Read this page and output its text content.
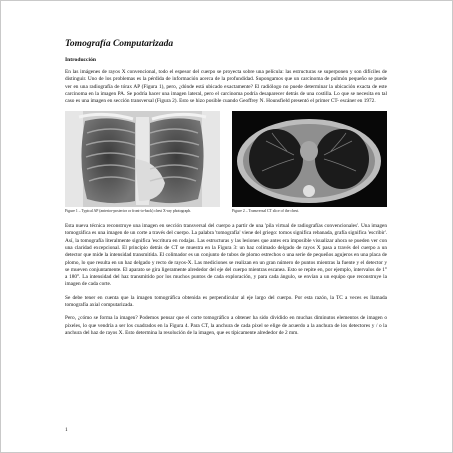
Tomografía Computarizada
Introducción

En las imágenes de rayos X convencional, todo el espesor del cuerpo se proyecta sobre una película: las estructuras se superponen y son difíciles de distinguir. Uno de los problemas es la pérdida de información acerca de la profundidad. Supongamos que un carcinoma de pulmón pequeño se puede ver en una radiografía de tórax AP (Figura 1), pero, ¿dónde está ubicado exactamente? El radiólogo no puede determinar la ubicación exacta de este carcinoma en la imagen PA. Se podría hacer una imagen lateral, pero el carcinoma podría desaparecer detrás de una costilla. Lo que se necesita en tal caso es una imagen en sección transversal (Figura 2). Esto se hizo posible cuando Geoffrey N. Hounsfield presentó el primer CT- escáner en 1972.

Figure 1 – Typical AP (anterior-posterior or front-to-back) chest X-ray photograph.	Figure 2 – Transversal CT slice of the chest.

Esta nueva técnica reconstruye una imagen en sección transversal del cuerpo a partir de una 'pila virtual de radiografías convencionales'. Una imagen tomográfica es una imagen de un corte a través del cuerpo. La palabra 'tomografía' viene del griego: tomos significa rebanada, grafía significa 'escribir'. Así, la tomografía literalmente significa 'escritura en rodajas. Las estructuras y las lesiones que antes era imposible visualizar ahora se pueden ver con una claridad excepcional. El principio detrás de CT se muestra en la Figura 3: un haz colimado delgado de rayos X pasa a través del cuerpo a un detector que mide la intensidad transmitida. El colimador es un conjunto de tubos de plomo estrechos o una serie de pequeños agujeros en una placa de plomo, lo que resulta en un haz delgado y recto de rayos-X. Las mediciones se realizan en un gran número de puntos mientras la fuente y el detector y se mueven conjuntamente. El aparato se gira ligeramente alrededor del eje del cuerpo mientras escanea. Esto se repite en, por ejemplo, intervalos de 1° a 180°. La intensidad del haz transmitido por los muchos puntos de cada exploración, y para cada ángulo, se envían a un equipo que reconstruye la imagen de cada corte.

Se debe tener en cuenta que la imagen tomográfica obtenida es perpendicular al eje largo del cuerpo. Por esta razón, la TC a veces es llamada tomografía axial computarizada.

Pero, ¿cómo se forma la imagen? Podemos pensar que el corte tomográfico a obtener ha sido dividido en muchas diminutos elementos de imagen o pixeles, lo que vendría a ser los cuadrados en la Figura 4. Para CT, la anchura de cada pixel se elige de acuerdo a la anchura de los detectores y / o la anchura del haz de rayos X. Esto determina la resolución de la imagen, que es típicamente alrededor de 2 mm.

1
